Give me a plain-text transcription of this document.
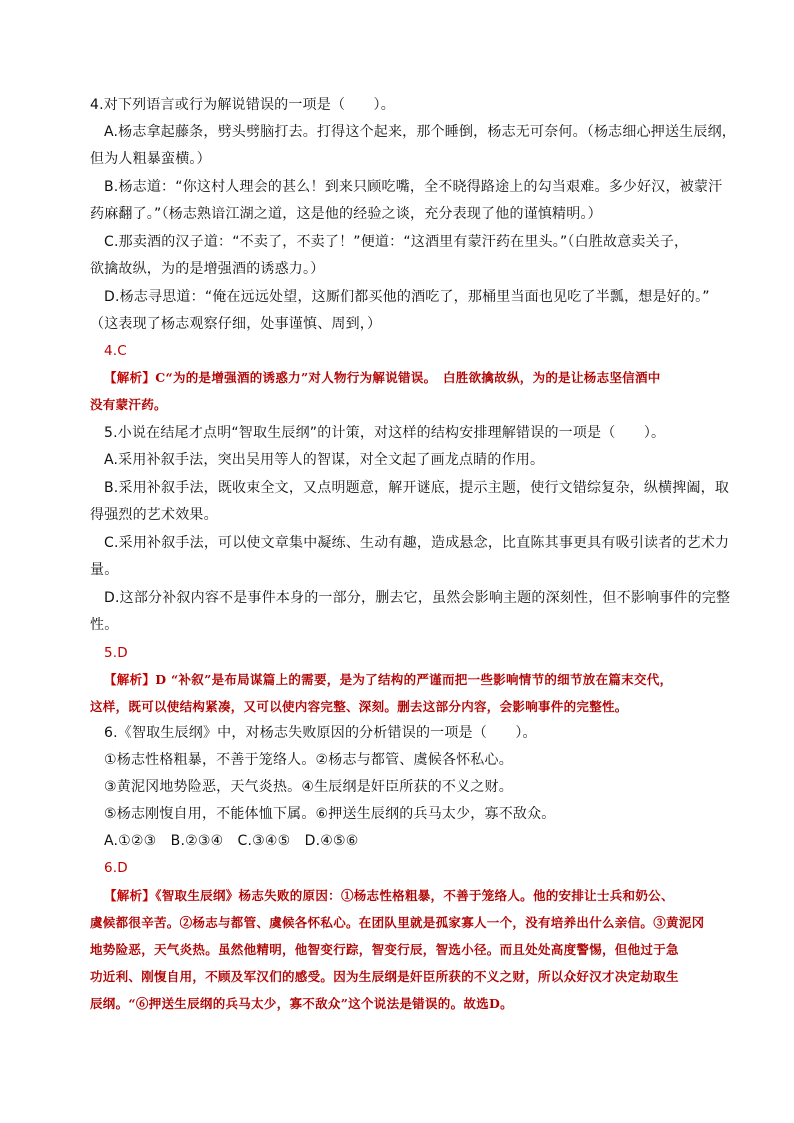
4.对下列语言或行为解说错误的一项是（　　）。
A.杨志拿起藤条，劈头劈脑打去。打得这个起来，那个睡倒，杨志无可奈何。（杨志细心押送生辰纲，
但为人粗暴蛮横。）
B.杨志道：“你这村人理会的甚么！到来只顾吃嘴，全不晓得路途上的勾当艰难。多少好汉，被蒙汗
药麻翻了。”（杨志熟谙江湖之道，这是他的经验之谈，充分表现了他的谨慎精明。）
C.那卖酒的汉子道：“不卖了，不卖了！”便道：“这酒里有蒙汗药在里头。”（白胜故意卖关子，
欲擒故纵，为的是增强酒的诱惑力。）
D.杨志寻思道：“俺在远远处望，这厮们都买他的酒吃了，那桶里当面也见吃了半瓢，想是好的。”
（这表现了杨志观察仔细，处事谨慎、周到，）
4.C
【解析】C“为的是增强酒的诱惑力”对人物行为解说错误。　白胜欲擒故纵，为的是让杨志坚信酒中
没有蒙汗药。
5.小说在结尾才点明“智取生辰纲”的计策，对这样的结构安排理解错误的一项是（　　）。
A.采用补叙手法，突出吴用等人的智谋，对全文起了画龙点睛的作用。
B.采用补叙手法，既收束全文，又点明题意，解开谜底，提示主题，使行文错综复杂，纵横捭阖，取
得强烈的艺术效果。
C.采用补叙手法，可以使文章集中凝练、生动有趣，造成悬念，比直陈其事更具有吸引读者的艺术力
量。
D.这部分补叙内容不是事件本身的一部分，删去它，虽然会影响主题的深刻性，但不影响事件的完整
性。
5.D
【解析】D “补叙”是布局谋篇上的需要，是为了结构的严谨而把一些影响情节的细节放在篇末交代，
这样，既可以使结构紧凑，又可以使内容完整、深刻。删去这部分内容，会影响事件的完整性。
6.《智取生辰纲》中，对杨志失败原因的分析错误的一项是（　　）。
①杨志性格粗暴，不善于笼络人。②杨志与都管、虞候各怀私心。
③黄泥冈地势险恶，天气炎热。④生辰纲是奸臣所获的不义之财。
⑤杨志刚愎自用，不能体恤下属。⑥押送生辰纲的兵马太少，寡不敌众。
A.①②③　B.②③④　C.③④⑤　D.④⑤⑥
6.D
【解析】《智取生辰纲》杨志失败的原因：①杨志性格粗暴，不善于笼络人。他的安排让士兵和奶公、
虞候都很辛苦。②杨志与都管、虞候各怀私心。在团队里就是孤家寡人一个，没有培养出什么亲信。③黄泥冈
地势险恶，天气炎热。虽然他精明，他智变行踪，智变行辰，智选小径。而且处处高度警惕，但他过于急
功近利、刚愎自用，不顾及军汉们的感受。因为生辰纲是奸臣所获的不义之财，所以众好汉才决定劫取生
辰纲。“⑥押送生辰纲的兵马太少，寡不敌众”这个说法是错误的。故选D。
